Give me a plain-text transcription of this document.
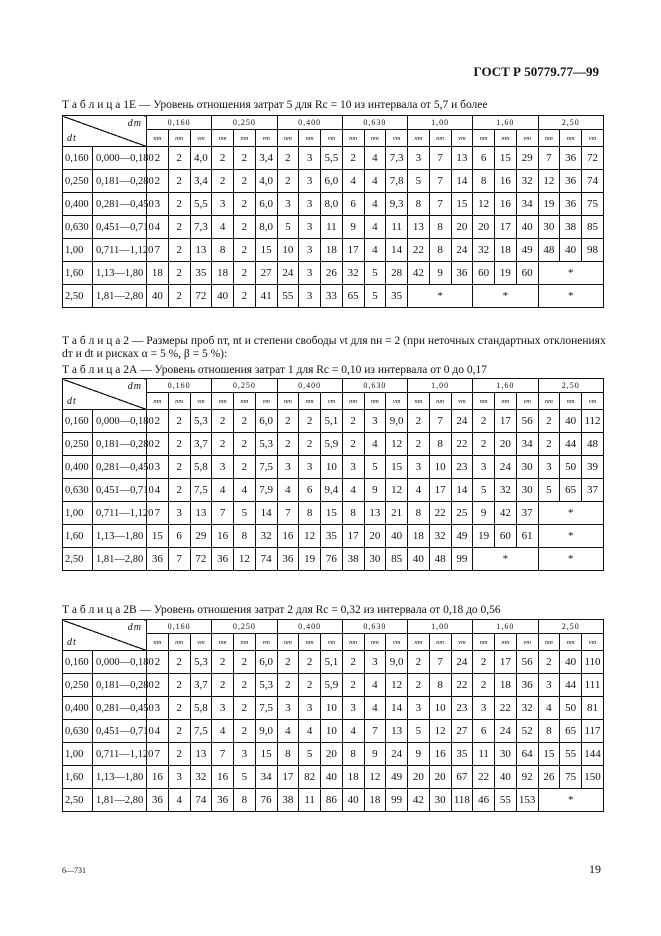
ГОСТ Р 50779.77—99
Т а б л и ц а 1Е — Уровень отношения затрат 5 для Rc = 10 из интервала от 5,7 и более
dт
dt		0,160			0,250			0,400			0,630			1,00			1,60			2,50		
		nт	nт	νт	nт	nт	νт	nт	nт	νт	nт	nт	νт	nт	nт	νт	nт	nт	νт	nт	nт	νт
0,160	0,000—0,180	2	2	4,0	2	2	3,4	2	3	5,5	2	4	7,3	3	7	13	6	15	29	7	36	72
0,250	0,181—0,280	2	2	3,4	2	2	4,0	2	3	6,0	4	4	7,8	5	7	14	8	16	32	12	36	74
0,400	0,281—0,450	3	2	5,5	3	2	6,0	3	3	8,0	6	4	9,3	8	7	15	12	16	34	19	36	75
0,630	0,451—0,710	4	2	7,3	4	2	8,0	5	3	11	9	4	11	13	8	20	20	17	40	30	38	85
1,00	0,711—1,120	7	2	13	8	2	15	10	3	18	17	4	14	22	8	24	32	18	49	48	40	98
1,60	1,13—1,80	18	2	35	18	2	27	24	3	26	32	5	28	42	9	36	60	19	60	*		
2,50	1,81—2,80	40	2	72	40	2	41	55	3	33	65	5	35	*			*			*		
Т а б л и ц а 2 — Размеры проб nт, nt и степени свободы νt для nн = 2 (при неточных стандартных отклонениях
dт и dt и рисках α = 5 %, β = 5 %):
Т а б л и ц а 2А — Уровень отношения затрат 1 для Rc = 0,10 из интервала от 0 до 0,17
dт
dt		0,160			0,250			0,400			0,630			1,00			1,60			2,50		
		nт	nт	νт	nт	nт	νт	nт	nт	νт	nт	nт	νт	nт	nт	νт	nт	nт	νт	nт	nт	νт
0,160	0,000—0,180	2	2	5,3	2	2	6,0	2	2	5,1	2	3	9,0	2	7	24	2	17	56	2	40	112
0,250	0,181—0,280	2	2	3,7	2	2	5,3	2	2	5,9	2	4	12	2	8	22	2	20	34	2	44	48
0,400	0,281—0,450	3	2	5,8	3	2	7,5	3	3	10	3	5	15	3	10	23	3	24	30	3	50	39
0,630	0,451—0,710	4	2	7,5	4	4	7,9	4	6	9,4	4	9	12	4	17	14	5	32	30	5	65	37
1,00	0,711—1,120	7	3	13	7	5	14	7	8	15	8	13	21	8	22	25	9	42	37	*		
1,60	1,13—1,80	15	6	29	16	8	32	16	12	35	17	20	40	18	32	49	19	60	61	*		
2,50	1,81—2,80	36	7	72	36	12	74	36	19	76	38	30	85	40	48	99	*			*		
Т а б л и ц а 2В — Уровень отношения затрат 2 для Rc = 0,32 из интервала от 0,18 до 0,56
dт
dt		0,160			0,250			0,400			0,630			1,00			1,60			2,50		
		nт	nт	νт	nт	nт	νт	nт	nт	νт	nт	nт	νт	nт	nт	νт	nт	nт	νт	nт	nт	νт
0,160	0,000—0,180	2	2	5,3	2	2	6,0	2	2	5,1	2	3	9,0	2	7	24	2	17	56	2	40	110
0,250	0,181—0,280	2	2	3,7	2	2	5,3	2	2	5,9	2	4	12	2	8	22	2	18	36	3	44	111
0,400	0,281—0,450	3	2	5,8	3	2	7,5	3	3	10	3	4	14	3	10	23	3	22	32	4	50	81
0,630	0,451—0,710	4	2	7,5	4	2	9,0	4	4	10	4	7	13	5	12	27	6	24	52	8	65	117
1,00	0,711—1,120	7	2	13	7	3	15	8	5	20	8	9	24	9	16	35	11	30	64	15	55	144
1,60	1,13—1,80	16	3	32	16	5	34	17	82	40	18	12	49	20	20	67	22	40	92	26	75	150
2,50	1,81—2,80	36	4	74	36	8	76	38	11	86	40	18	99	42	30	118	46	55	153	*		
6—731	19
